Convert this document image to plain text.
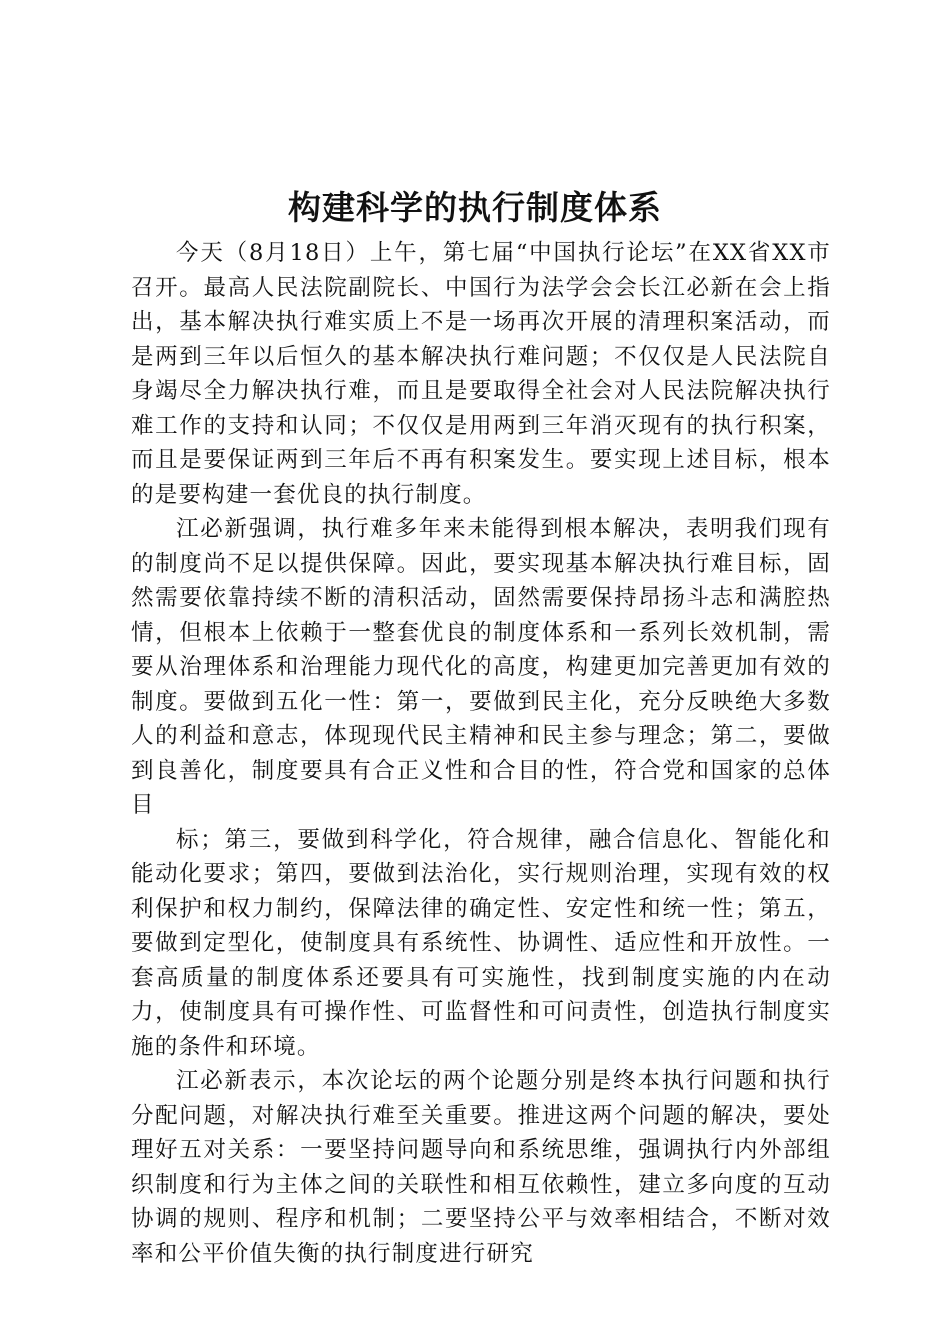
构建科学的执行制度体系

今天（8月18日）上午，第七届“中国执行论坛”在XX省XX市召开。最高人民法院副院长、中国行为法学会会长江必新在会上指出，基本解决执行难实质上不是一场再次开展的清理积案活动，而是两到三年以后恒久的基本解决执行难问题；不仅仅是人民法院自身竭尽全力解决执行难，而且是要取得全社会对人民法院解决执行难工作的支持和认同；不仅仅是用两到三年消灭现有的执行积案，而且是要保证两到三年后不再有积案发生。要实现上述目标，根本的是要构建一套优良的执行制度。

江必新强调，执行难多年来未能得到根本解决，表明我们现有的制度尚不足以提供保障。因此，要实现基本解决执行难目标，固然需要依靠持续不断的清积活动，固然需要保持昂扬斗志和满腔热情，但根本上依赖于一整套优良的制度体系和一系列长效机制，需要从治理体系和治理能力现代化的高度，构建更加完善更加有效的制度。要做到五化一性：第一，要做到民主化，充分反映绝大多数人的利益和意志，体现现代民主精神和民主参与理念；第二，要做到良善化，制度要具有合正义性和合目的性，符合党和国家的总体目

标；第三，要做到科学化，符合规律，融合信息化、智能化和能动化要求；第四，要做到法治化，实行规则治理，实现有效的权利保护和权力制约，保障法律的确定性、安定性和统一性；第五，要做到定型化，使制度具有系统性、协调性、适应性和开放性。一套高质量的制度体系还要具有可实施性，找到制度实施的内在动力，使制度具有可操作性、可监督性和可问责性，创造执行制度实施的条件和环境。

江必新表示，本次论坛的两个论题分别是终本执行问题和执行分配问题，对解决执行难至关重要。推进这两个问题的解决，要处理好五对关系：一要坚持问题导向和系统思维，强调执行内外部组织制度和行为主体之间的关联性和相互依赖性，建立多向度的互动协调的规则、程序和机制；二要坚持公平与效率相结合，不断对效率和公平价值失衡的执行制度进行研究
